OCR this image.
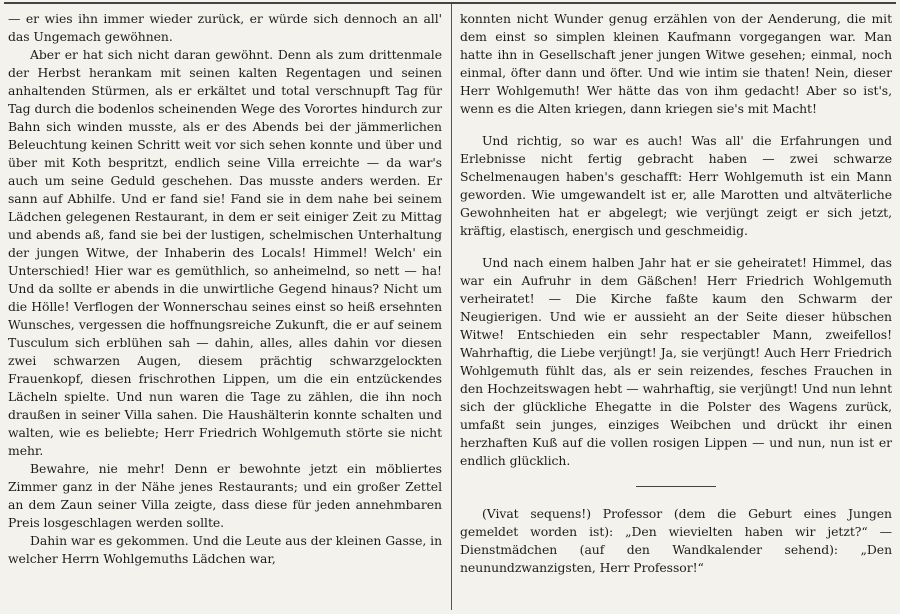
— er wies ihn immer wieder zurück, er würde sich dennoch an all' das Ungemach gewöhnen.

Aber er hat sich nicht daran gewöhnt. Denn als zum drittenmale der Herbst herankam mit seinen kalten Regentagen und seinen anhaltenden Stürmen, als er erkältet und total verschnupft Tag für Tag durch die bodenlos scheinenden Wege des Vorortes hindurch zur Bahn sich winden musste, als er des Abends bei der jämmerlichen Beleuchtung keinen Schritt weit vor sich sehen konnte und über und über mit Koth bespritzt, endlich seine Villa erreichte — da war's auch um seine Geduld geschehen. Das musste anders werden. Er sann auf Abhilfe. Und er fand sie! Fand sie in dem nahe bei seinem Lädchen gelegenen Restaurant, in dem er seit einiger Zeit zu Mittag und abends aß, fand sie bei der lustigen, schelmischen Unterhaltung der jungen Witwe, der Inhaberin des Locals! Himmel! Welch' ein Unterschied! Hier war es gemüthlich, so anheimelnd, so nett — ha! Und da sollte er abends in die unwirtliche Gegend hinaus? Nicht um die Hölle! Verflogen der Wonnerschau seines einst so heiß ersehnten Wunsches, vergessen die hoffnungsreiche Zukunft, die er auf seinem Tusculum sich erblühen sah — dahin, alles, alles dahin vor diesen zwei schwarzen Augen, diesem prächtig schwarzgelockten Frauenkopf, diesen frischrothen Lippen, um die ein entzückendes Lächeln spielte. Und nun waren die Tage zu zählen, die ihn noch draußen in seiner Villa sahen. Die Haushälterin konnte schalten und walten, wie es beliebte; Herr Friedrich Wohlgemuth störte sie nicht mehr.

Bewahre, nie mehr! Denn er bewohnte jetzt ein möbliertes Zimmer ganz in der Nähe jenes Restaurants; und ein großer Zettel an dem Zaun seiner Villa zeigte, dass diese für jeden annehmbaren Preis losgeschlagen werden sollte.

Dahin war es gekommen. Und die Leute aus der kleinen Gasse, in welcher Herrn Wohlgemuths Lädchen war,

konnten nicht Wunder genug erzählen von der Aenderung, die mit dem einst so simplen kleinen Kaufmann vorgegangen war. Man hatte ihn in Gesellschaft jener jungen Witwe gesehen; einmal, noch einmal, öfter dann und öfter. Und wie intim sie thaten! Nein, dieser Herr Wohlgemuth! Wer hätte das von ihm gedacht! Aber so ist's, wenn es die Alten kriegen, dann kriegen sie's mit Macht!

Und richtig, so war es auch! Was all' die Erfahrungen und Erlebnisse nicht fertig gebracht haben — zwei schwarze Schelmenaugen haben's geschafft: Herr Wohlgemuth ist ein Mann geworden. Wie umgewandelt ist er, alle Marotten und altväterliche Gewohnheiten hat er abgelegt; wie verjüngt zeigt er sich jetzt, kräftig, elastisch, energisch und geschmeidig.

Und nach einem halben Jahr hat er sie geheiratet! Himmel, das war ein Aufruhr in dem Gäßchen! Herr Friedrich Wohlgemuth verheiratet! — Die Kirche faßte kaum den Schwarm der Neugierigen. Und wie er aussieht an der Seite dieser hübschen Witwe! Entschieden ein sehr respectabler Mann, zweifellos! Wahrhaftig, die Liebe verjüngt! Ja, sie verjüngt! Auch Herr Friedrich Wohlgemuth fühlt das, als er sein reizendes, fesches Frauchen in den Hochzeitswagen hebt — wahrhaftig, sie verjüngt! Und nun lehnt sich der glückliche Ehegatte in die Polster des Wagens zurück, umfaßt sein junges, einziges Weibchen und drückt ihr einen herzhaften Kuß auf die vollen rosigen Lippen — und nun, nun ist er endlich glücklich.

(Vivat sequens!) Professor (dem die Geburt eines Jungen gemeldet worden ist): „Den wievielten haben wir jetzt?“ — Dienstmädchen (auf den Wandkalender sehend): „Den neunundzwanzigsten, Herr Professor!“
